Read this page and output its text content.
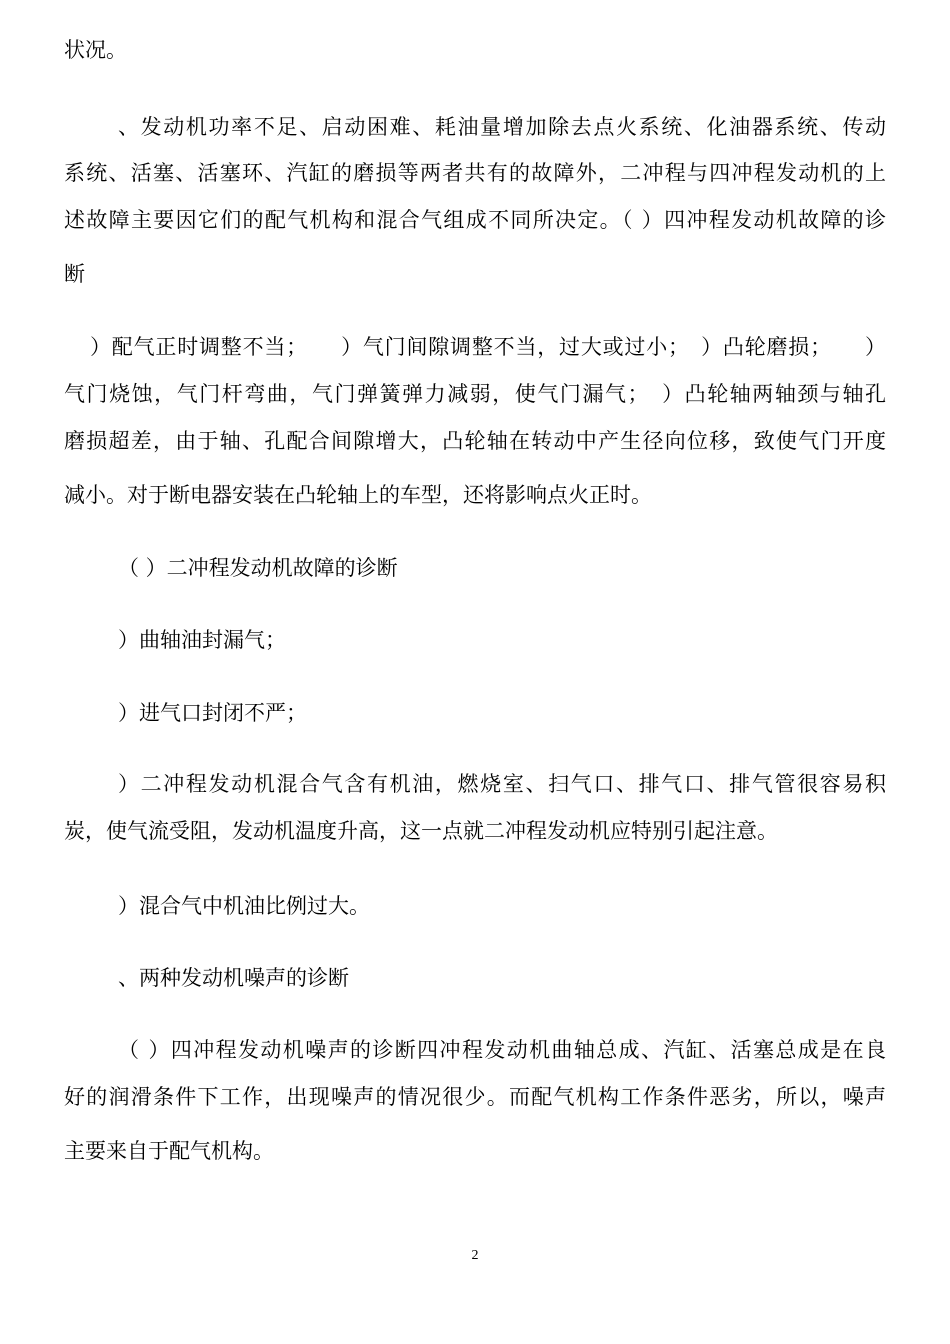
状况。
、发动机功率不足、启动困难、耗油量增加除去点火系统、化油器系统、传动
系统、活塞、活塞环、汽缸的磨损等两者共有的故障外，二冲程与四冲程发动机的上
述故障主要因它们的配气机构和混合气组成不同所决定。（ ）四冲程发动机故障的诊
断
）配气正时调整不当；　　）气门间隙调整不当，过大或过小；　）凸轮磨损；　　）
气门烧蚀，气门杆弯曲，气门弹簧弹力减弱，使气门漏气；　）凸轮轴两轴颈与轴孔
磨损超差，由于轴、孔配合间隙增大，凸轮轴在转动中产生径向位移，致使气门开度
减小。对于断电器安装在凸轮轴上的车型，还将影响点火正时。
（ ）二冲程发动机故障的诊断
）曲轴油封漏气；
）进气口封闭不严；
）二冲程发动机混合气含有机油，燃烧室、扫气口、排气口、排气管很容易积
炭，使气流受阻，发动机温度升高，这一点就二冲程发动机应特别引起注意。
）混合气中机油比例过大。
、两种发动机噪声的诊断
（ ）四冲程发动机噪声的诊断四冲程发动机曲轴总成、汽缸、活塞总成是在良
好的润滑条件下工作，出现噪声的情况很少。而配气机构工作条件恶劣，所以，噪声
主要来自于配气机构。
2
